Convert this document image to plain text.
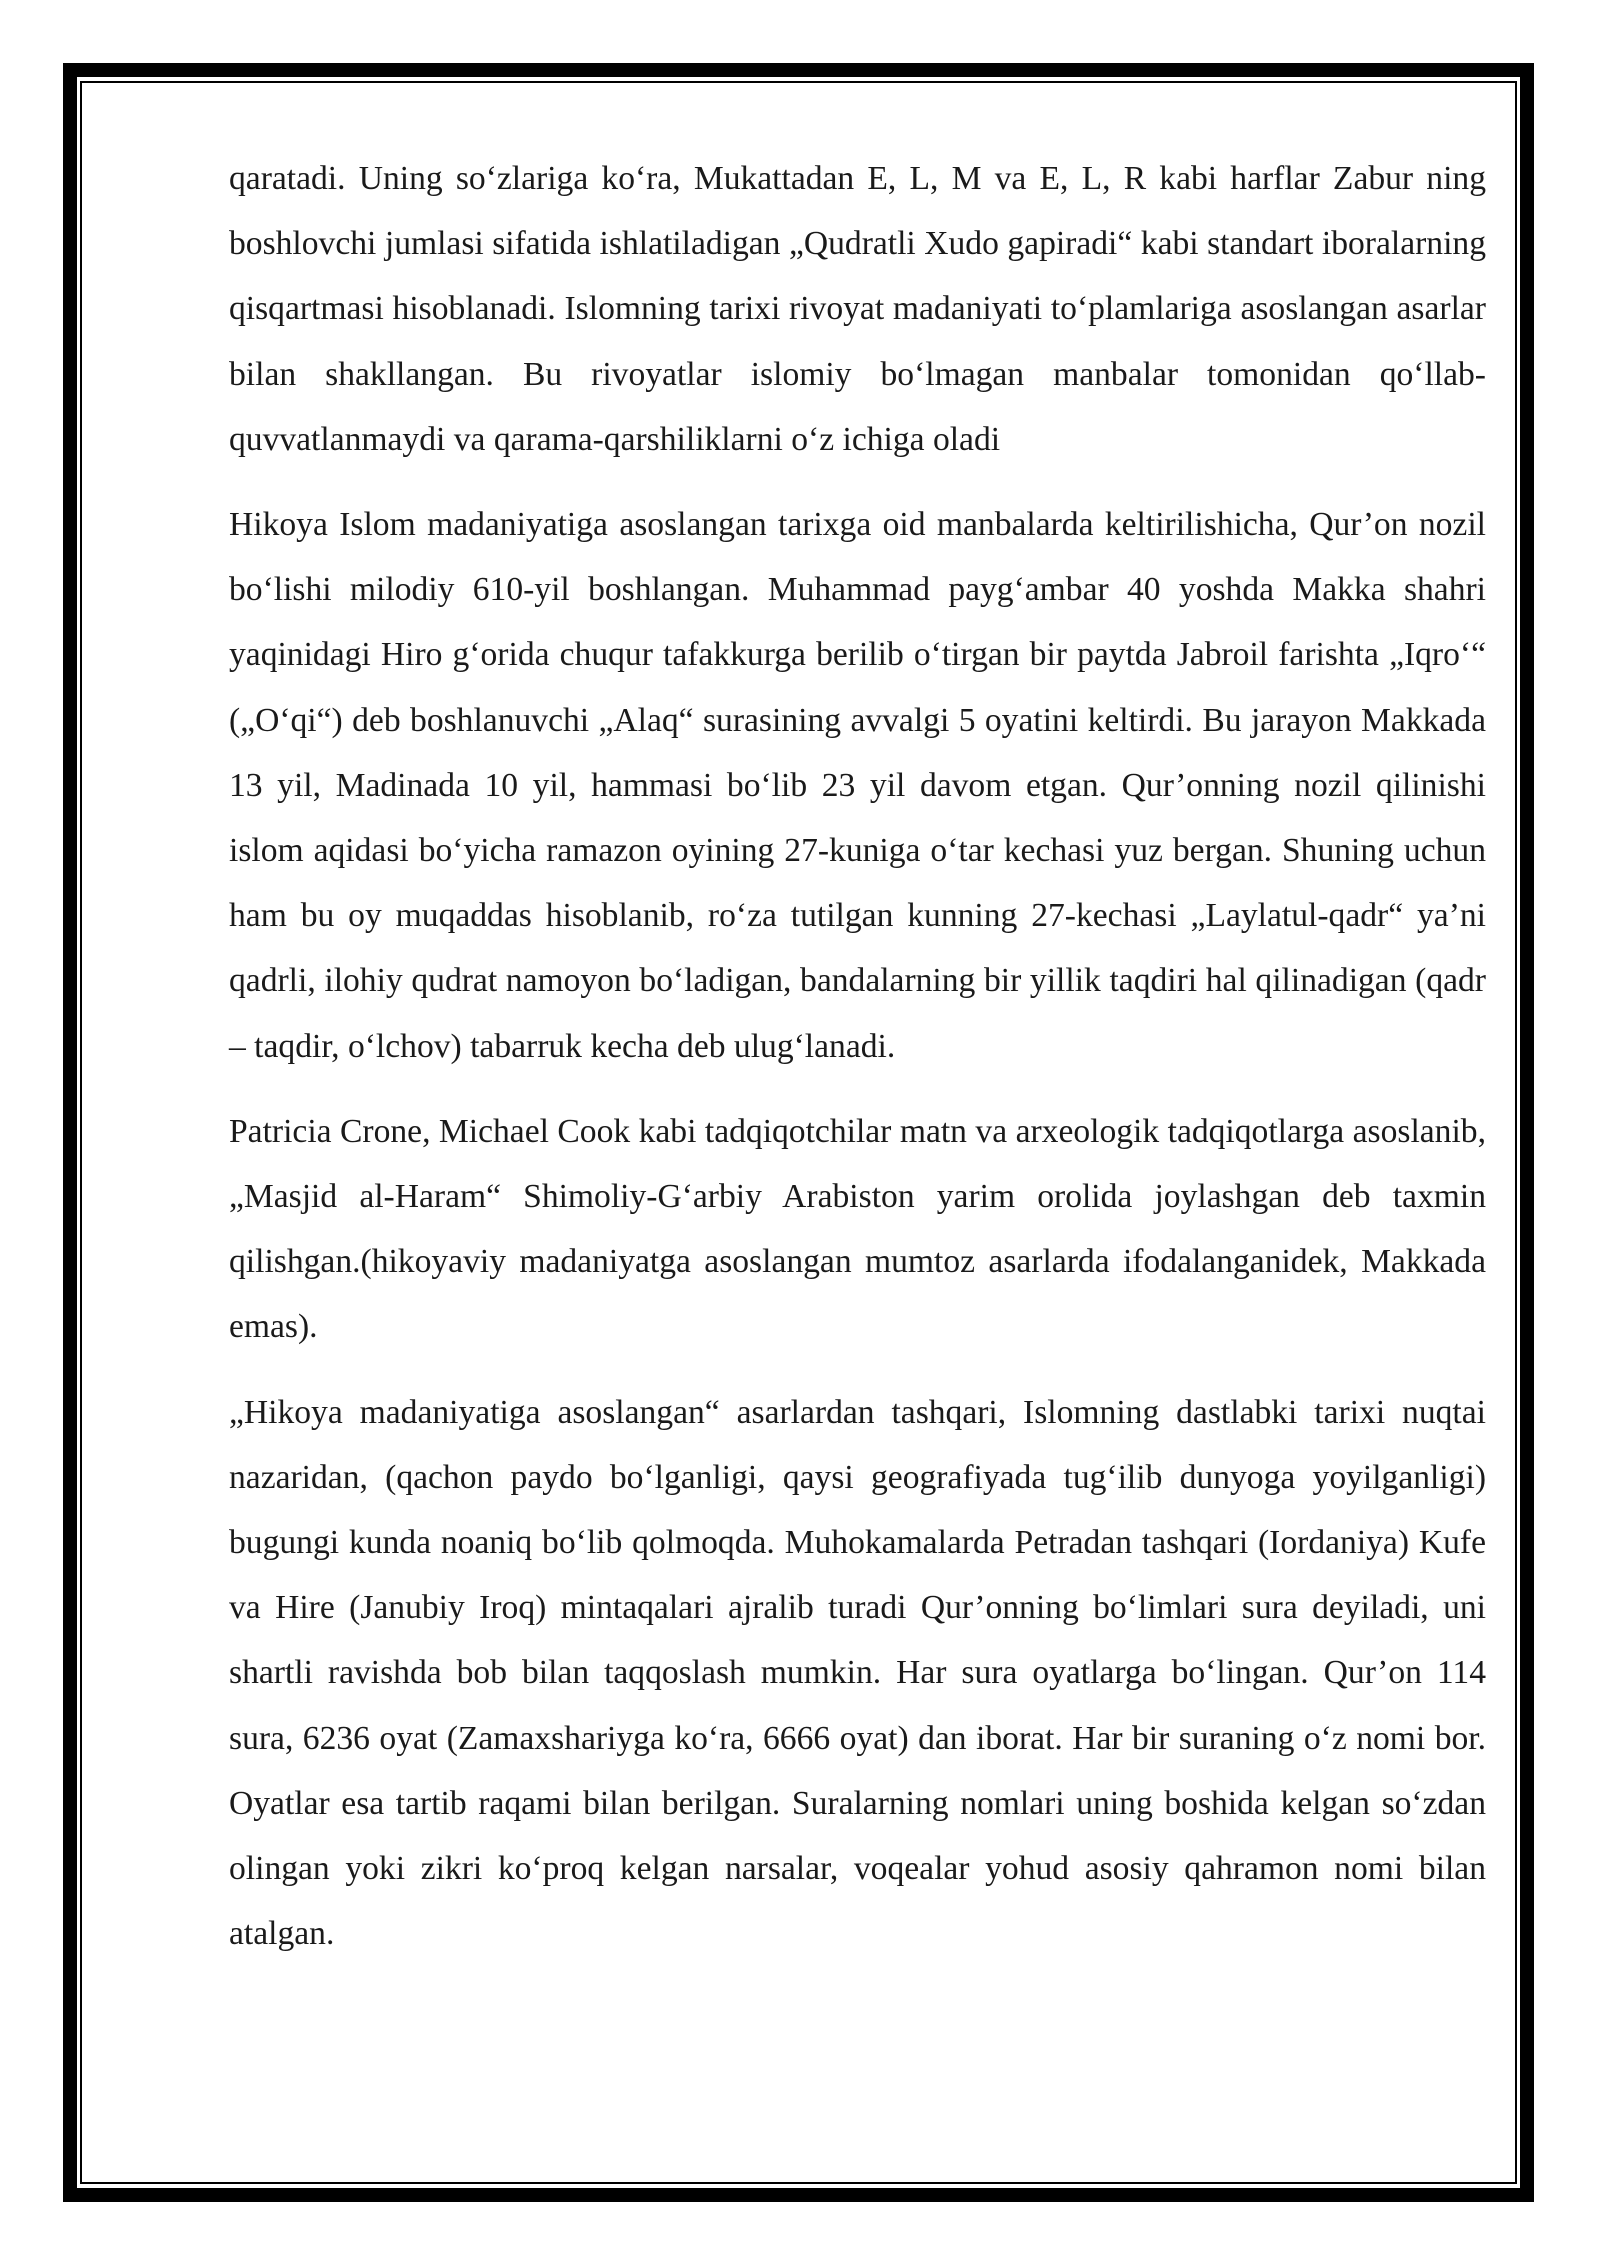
qaratadi. Uning so‘zlariga ko‘ra, Mukattadan E, L, M va E, L, R kabi harflar Zabur ning boshlovchi jumlasi sifatida ishlatiladigan „Qudratli Xudo gapiradi“ kabi standart iboralarning qisqartmasi hisoblanadi. Islomning tarixi rivoyat madaniyati to‘plamlariga asoslangan asarlar bilan shakllangan. Bu rivoyatlar islomiy bo‘lmagan manbalar tomonidan qo‘llab-quvvatlanmaydi va qarama-qarshiliklarni o‘z ichiga oladi

Hikoya Islom madaniyatiga asoslangan tarixga oid manbalarda keltirilishicha, Qur’on nozil bo‘lishi milodiy 610-yil boshlangan. Muhammad payg‘ambar 40 yoshda Makka shahri yaqinidagi Hiro g‘orida chuqur tafakkurga berilib o‘tirgan bir paytda Jabroil farishta „Iqro‘“ („O‘qi“) deb boshlanuvchi „Alaq“ surasining avvalgi 5 oyatini keltirdi. Bu jarayon Makkada 13 yil, Madinada 10 yil, hammasi bo‘lib 23 yil davom etgan. Qur’onning nozil qilinishi islom aqidasi bo‘yicha ramazon oyining 27-kuniga o‘tar kechasi yuz bergan. Shuning uchun ham bu oy muqaddas hisoblanib, ro‘za tutilgan kunning 27-kechasi „Laylatul-qadr“ ya’ni qadrli, ilohiy qudrat namoyon bo‘ladigan, bandalarning bir yillik taqdiri hal qilinadigan (qadr – taqdir, o‘lchov) tabarruk kecha deb ulug‘lanadi.

Patricia Crone, Michael Cook kabi tadqiqotchilar matn va arxeologik tadqiqotlarga asoslanib, „Masjid al-Haram“ Shimoliy-G‘arbiy Arabiston yarim orolida joylashgan deb taxmin qilishgan.(hikoyaviy madaniyatga asoslangan mumtoz asarlarda ifodalanganidek, Makkada emas).

„Hikoya madaniyatiga asoslangan“ asarlardan tashqari, Islomning dastlabki tarixi nuqtai nazaridan, (qachon paydo bo‘lganligi, qaysi geografiyada tug‘ilib dunyoga yoyilganligi) bugungi kunda noaniq bo‘lib qolmoqda. Muhokamalarda Petradan tashqari (Iordaniya) Kufe va Hire (Janubiy Iroq) mintaqalari ajralib turadi Qur’onning bo‘limlari sura deyiladi, uni shartli ravishda bob bilan taqqoslash mumkin. Har sura oyatlarga bo‘lingan. Qur’on 114 sura, 6236 oyat (Zamaxshariyga ko‘ra, 6666 oyat) dan iborat. Har bir suraning o‘z nomi bor. Oyatlar esa tartib raqami bilan berilgan. Suralarning nomlari uning boshida kelgan so‘zdan olingan yoki zikri ko‘proq kelgan narsalar, voqealar yohud asosiy qahramon nomi bilan atalgan.
